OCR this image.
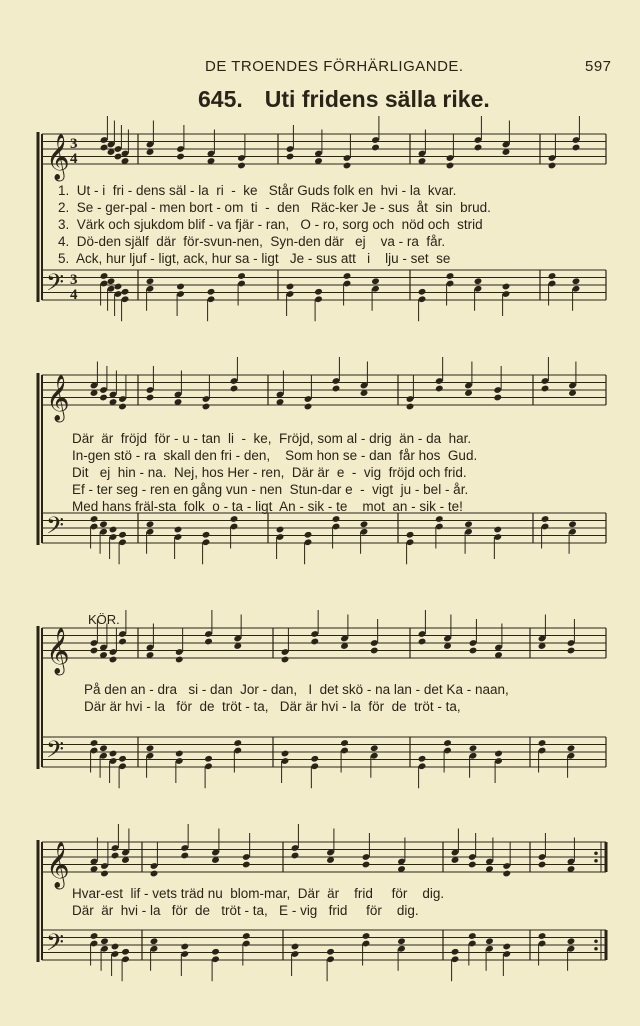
DE TROENDES FÖRHÄRLIGANDE.	597
645. Uti fridens sälla rike.
𝄞
𝄢
3
4
3
4
𝄞
𝄢
𝄞
𝄢
𝄞
𝄢
1.  Ut - i  fri - dens säl - la  ri  -  ke   Står Guds folk en  hvi - la  kvar.
2.  Se - ger-pal - men bort - om  ti  -  den   Räc-ker Je - sus  åt  sin  brud.
3.  Värk och sjukdom blif - va fjär - ran,   O - ro, sorg och  nöd och  strid
4.  Dö-den själf  där  för-svun-nen,  Syn-den där   ej    va - ra  får.
5.  Ack, hur ljuf - ligt, ack, hur sa - ligt   Je - sus att   i    lju - set  se
Där  är  fröjd  för - u - tan  li  -  ke,  Fröjd, som al - drig  än - da  har.
In-gen stö - ra  skall den fri - den,    Som hon se - dan  får hos  Gud.
Dit   ej  hin - na.  Nej, hos Her - ren,  Där är  e  -  vig  fröjd och frid.
Ef - ter seg - ren en gång vun - nen  Stun-dar e  -  vigt  ju - bel - år.
Med hans fräl-sta  folk  o - ta - ligt  An - sik - te    mot  an - sik - te!
KÖR.
På den an - dra   si - dan  Jor - dan,   I  det skö - na lan - det Ka - naan,
Där är hvi - la   för  de  tröt - ta,   Där är hvi - la  för  de  tröt - ta,
Hvar-est  lif - vets träd nu  blom-mar,  Där  är    frid     för    dig.
Där  är  hvi - la   för  de   tröt - ta,   E - vig   frid     för    dig.
